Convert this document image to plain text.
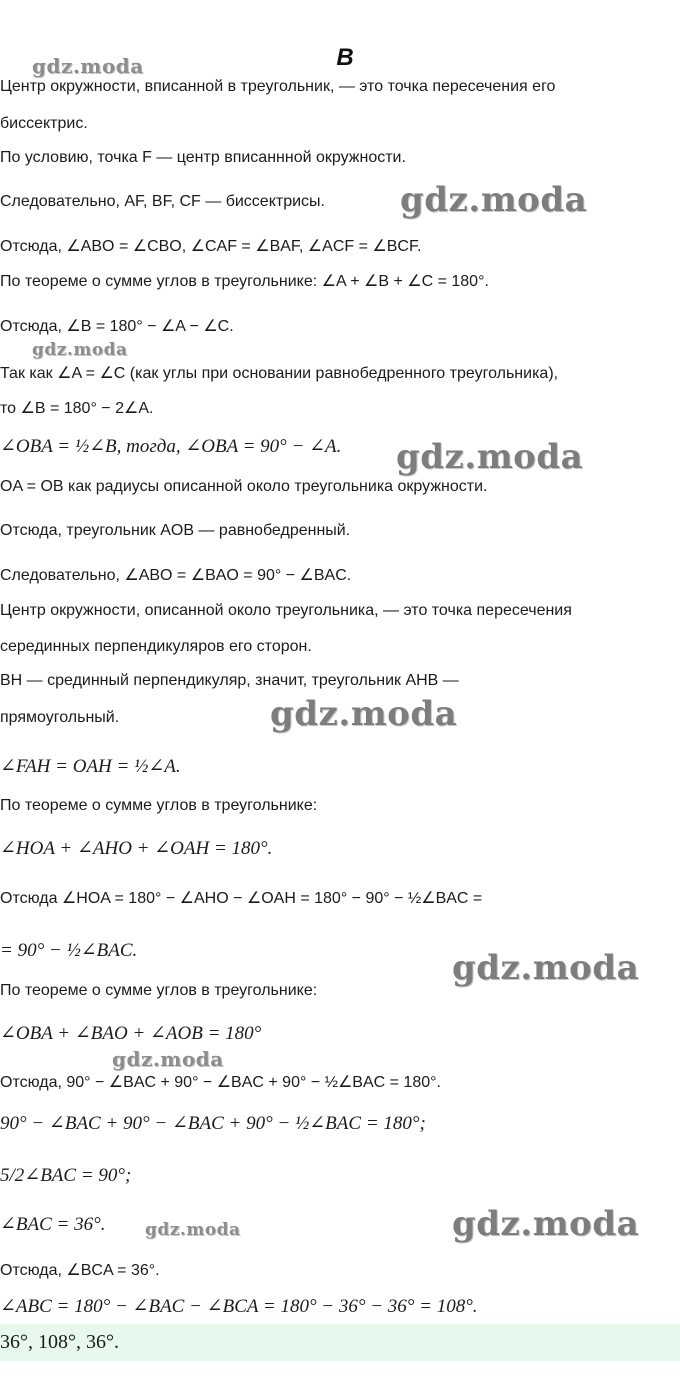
B
Центр окружности, вписанной в треугольник, — это точка пересечения его
биссектрис.
По условию, точка F — центр вписаннной окружности.
Следовательно, AF, BF, CF — биссектрисы.
Отсюда, ∠ABO = ∠CBO, ∠CAF = ∠BAF, ∠ACF = ∠BCF.
По теореме о сумме углов в треугольнике: ∠A + ∠B + ∠C = 180°.
Отсюда, ∠B = 180° − ∠A − ∠C.
Так как ∠A = ∠C (как углы при основании равнобедренного треугольника),
то ∠B = 180° − 2∠A.
∠OBA = ½∠B, тогда, ∠OBA = 90° − ∠A.
OA = OB как радиусы описанной около треугольника окружности.
Отсюда, треугольник AOB — равнобедренный.
Следовательно, ∠ABO = ∠BAO = 90° − ∠BAC.
Центр окружности, описанной около треугольника, — это точка пересечения
серединных перпендикуляров его сторон.
BH — срединный перпендикуляр, значит, треугольник AHB —
прямоугольный.
∠FAH = OAH = ½∠A.
По теореме о сумме углов в треугольнике:
∠HOA + ∠AHO + ∠OAH = 180°.
Отсюда ∠HOA = 180° − ∠AHO − ∠OAH = 180° − 90° − ½∠BAC =
= 90° − ½∠BAC.
По теореме о сумме углов в треугольнике:
∠OBA + ∠BAO + ∠AOB = 180°
Отсюда, 90° − ∠BAC + 90° − ∠BAC + 90° − ½∠BAC = 180°.
90° − ∠BAC + 90° − ∠BAC + 90° − ½∠BAC = 180°;
5/2∠BAC = 90°;
∠BAC = 36°.
Отсюда, ∠BCA = 36°.
∠ABC = 180° − ∠BAC − ∠BCA = 180° − 36° − 36° = 108°.
36°, 108°, 36°.
gdz.moda
gdz.moda
gdz.moda
gdz.moda
gdz.moda
gdz.moda
gdz.moda
gdz.moda	gdz.moda
